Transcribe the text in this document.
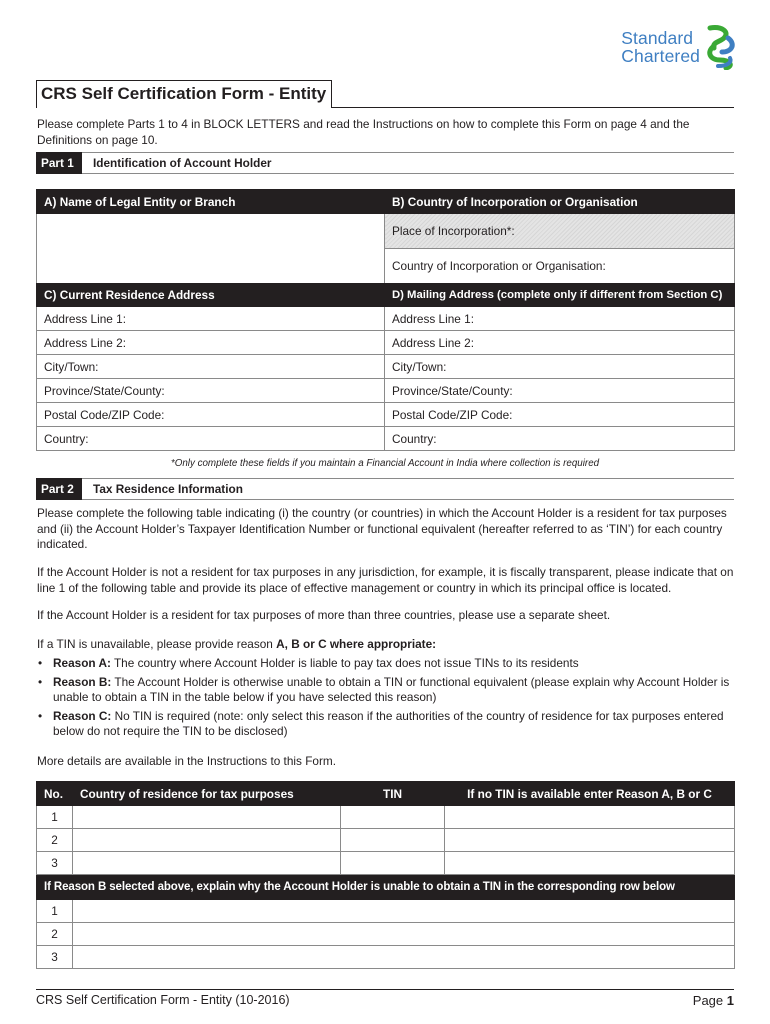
Standard
Chartered
CRS Self Certification Form - Entity
Please complete Parts 1 to 4 in BLOCK LETTERS and read the Instructions on how to complete this Form on page 4 and the Definitions on page 10.
Part 1	Identification of Account Holder
A) Name of Legal Entity or Branch	B) Country of Incorporation or Organisation
	Place of Incorporation*:
	Country of Incorporation or Organisation:
C) Current Residence Address	D) Mailing Address (complete only if different from Section C)
Address Line 1:	Address Line 1:
Address Line 2:	Address Line 2:
City/Town:	City/Town:
Province/State/County:	Province/State/County:
Postal Code/ZIP Code:	Postal Code/ZIP Code:
Country:	Country:
*Only complete these fields if you maintain a Financial Account in India where collection is required
Part 2	Tax Residence Information
Please complete the following table indicating (i) the country (or countries) in which the Account Holder is a resident for tax purposes and (ii) the Account Holder’s Taxpayer Identification Number or functional equivalent (hereafter referred to as ‘TIN’) for each country indicated.
If the Account Holder is not a resident for tax purposes in any jurisdiction, for example, it is fiscally transparent, please indicate that on line 1 of the following table and provide its place of effective management or country in which its principal office is located.
If the Account Holder is a resident for tax purposes of more than three countries, please use a separate sheet.
If a TIN is unavailable, please provide reason A, B or C where appropriate:
• Reason A: The country where Account Holder is liable to pay tax does not issue TINs to its residents
• Reason B: The Account Holder is otherwise unable to obtain a TIN or functional equivalent (please explain why Account Holder is unable to obtain a TIN in the table below if you have selected this reason)
• Reason C: No TIN is required (note: only select this reason if the authorities of the country of residence for tax purposes entered below do not require the TIN to be disclosed)
More details are available in the Instructions to this Form.
No.	Country of residence for tax purposes	TIN	If no TIN is available enter Reason A, B or C
1			
2			
3			
If Reason B selected above, explain why the Account Holder is unable to obtain a TIN in the corresponding row below			
1			
2			
3			
CRS Self Certification Form - Entity (10-2016)	Page 1
